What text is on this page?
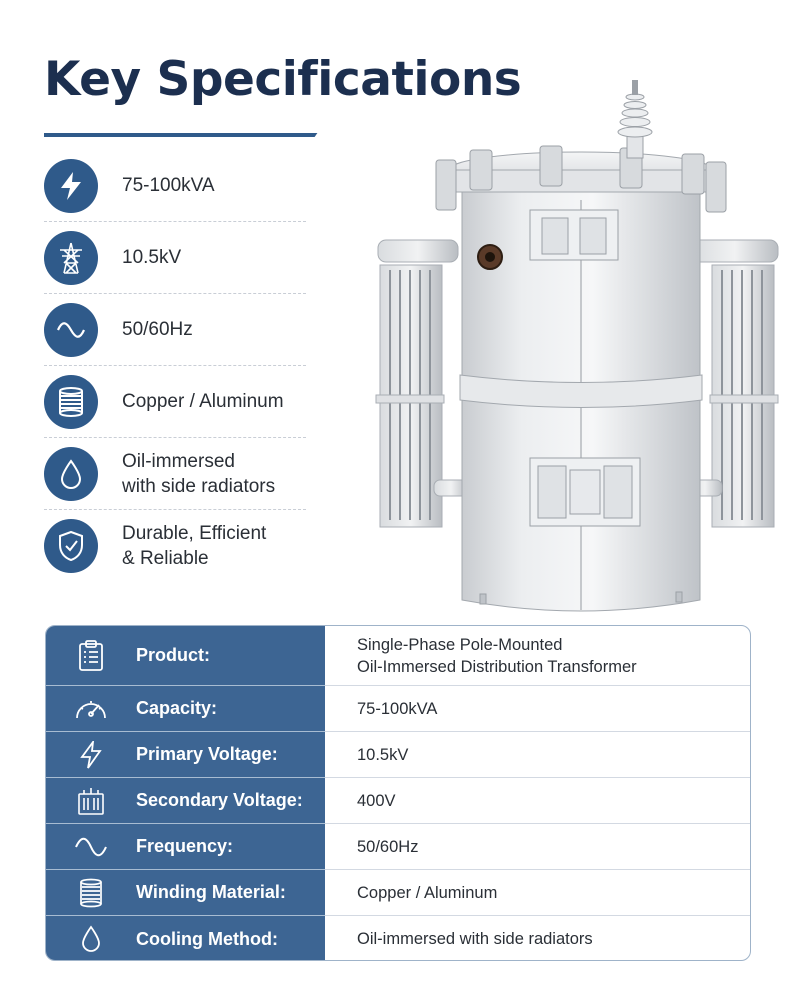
Key Specifications
75-100kVA
10.5kV
50/60Hz
Copper / Aluminum
Oil-immersed
with side radiators
Durable, Efficient
& Reliable
Product:
Single-Phase Pole-Mounted
Oil-Immersed Distribution Transformer
Capacity:	75-100kVA
Primary Voltage:	10.5kV
Secondary Voltage:	400V
Frequency:	50/60Hz
Winding Material:	Copper / Aluminum
Cooling Method:	Oil-immersed with side radiators
